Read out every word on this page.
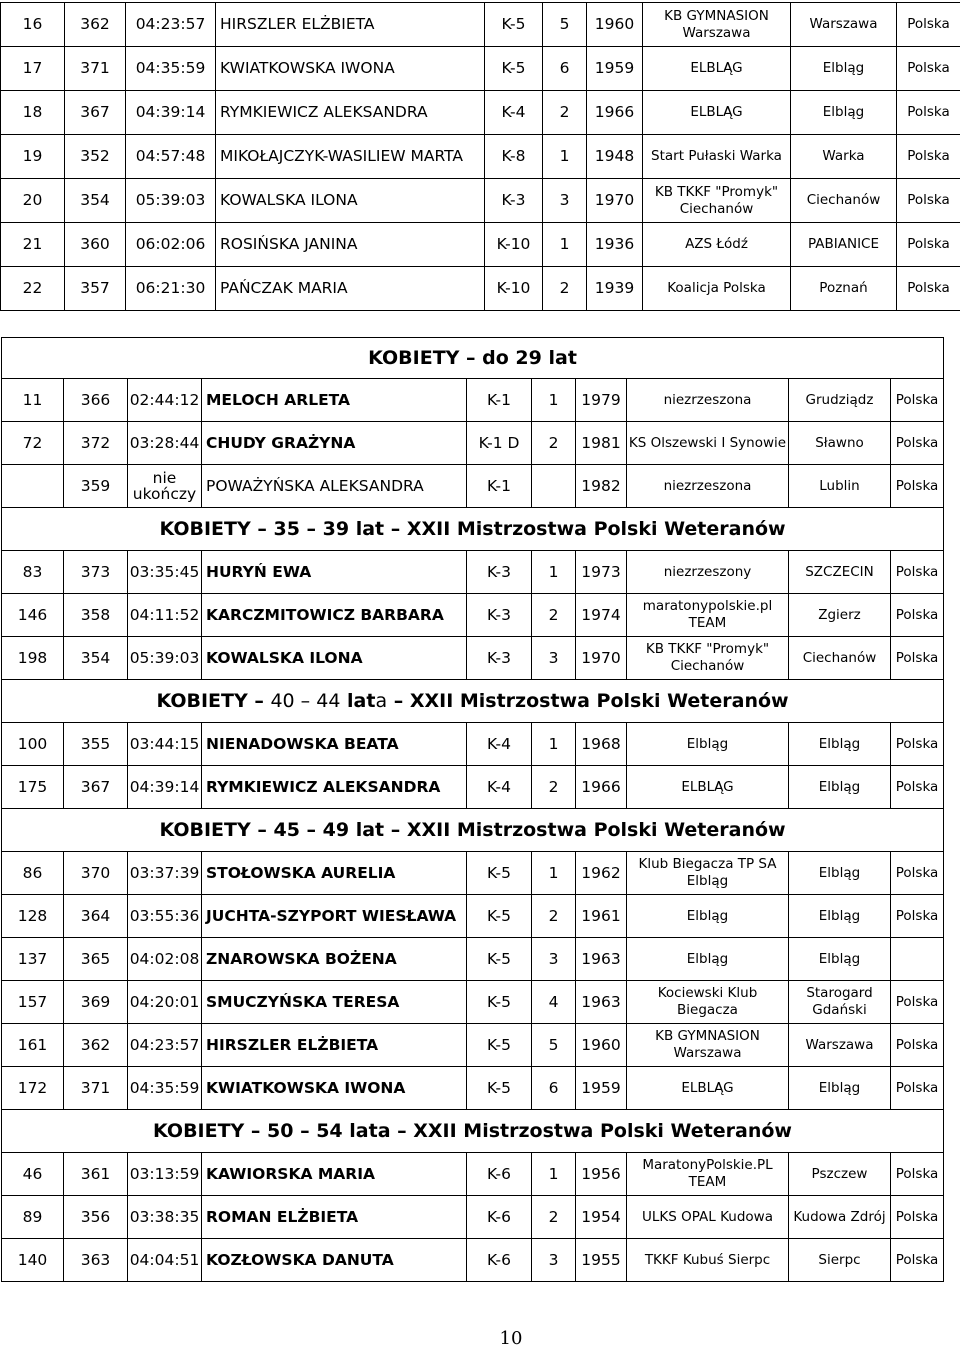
16	362	04:23:57	HIRSZLER ELŻBIETA	K-5	5	1960	KB GYMNASION Warszawa	Warszawa	Polska
17	371	04:35:59	KWIATKOWSKA IWONA	K-5	6	1959	ELBLĄG	Elbląg	Polska
18	367	04:39:14	RYMKIEWICZ ALEKSANDRA	K-4	2	1966	ELBLĄG	Elbląg	Polska
19	352	04:57:48	MIKOŁAJCZYK-WASILIEW MARTA	K-8	1	1948	Start Pułaski Warka	Warka	Polska
20	354	05:39:03	KOWALSKA ILONA	K-3	3	1970	KB TKKF "Promyk" Ciechanów	Ciechanów	Polska
21	360	06:02:06	ROSIŃSKA JANINA	K-10	1	1936	AZS Łódź	PABIANICE	Polska
22	357	06:21:30	PAŃCZAK MARIA	K-10	2	1939	Koalicja Polska	Poznań	Polska
KOBIETY – do 29 lat									
11	366	02:44:12	MELOCH ARLETA	K-1	1	1979	niezrzeszona	Grudziądz	Polska
72	372	03:28:44	CHUDY GRAŻYNA	K-1 D	2	1981	KS Olszewski I Synowie	Sławno	Polska
	359	nie ukończy	POWAŻYŃSKA ALEKSANDRA	K-1		1982	niezrzeszona	Lublin	Polska
KOBIETY – 35 – 39 lat – XXII Mistrzostwa Polski Weteranów									
83	373	03:35:45	HURYŃ EWA	K-3	1	1973	niezrzeszony	SZCZECIN	Polska
146	358	04:11:52	KARCZMITOWICZ BARBARA	K-3	2	1974	maratonypolskie.pl TEAM	Zgierz	Polska
198	354	05:39:03	KOWALSKA ILONA	K-3	3	1970	KB TKKF "Promyk" Ciechanów	Ciechanów	Polska
KOBIETY – 40 – 44 lata – XXII Mistrzostwa Polski Weteranów									
100	355	03:44:15	NIENADOWSKA BEATA	K-4	1	1968	Elbląg	Elbląg	Polska
175	367	04:39:14	RYMKIEWICZ ALEKSANDRA	K-4	2	1966	ELBLĄG	Elbląg	Polska
KOBIETY – 45 – 49 lat – XXII Mistrzostwa Polski Weteranów									
86	370	03:37:39	STOŁOWSKA AURELIA	K-5	1	1962	Klub Biegacza TP SA Elbląg	Elbląg	Polska
128	364	03:55:36	JUCHTA-SZYPORT WIESŁAWA	K-5	2	1961	Elbląg	Elbląg	Polska
137	365	04:02:08	ZNAROWSKA BOŻENA	K-5	3	1963	Elbląg	Elbląg	
157	369	04:20:01	SMUCZYŃSKA TERESA	K-5	4	1963	Kociewski Klub Biegacza	Starogard Gdański	Polska
161	362	04:23:57	HIRSZLER ELŻBIETA	K-5	5	1960	KB GYMNASION Warszawa	Warszawa	Polska
172	371	04:35:59	KWIATKOWSKA IWONA	K-5	6	1959	ELBLĄG	Elbląg	Polska
KOBIETY – 50 – 54 lata – XXII Mistrzostwa Polski Weteranów									
46	361	03:13:59	KAWIORSKA MARIA	K-6	1	1956	MaratonyPolskie.PL TEAM	Pszczew	Polska
89	356	03:38:35	ROMAN ELŻBIETA	K-6	2	1954	ULKS OPAL Kudowa	Kudowa Zdrój	Polska
140	363	04:04:51	KOZŁOWSKA DANUTA	K-6	3	1955	TKKF Kubuś Sierpc	Sierpc	Polska
10
